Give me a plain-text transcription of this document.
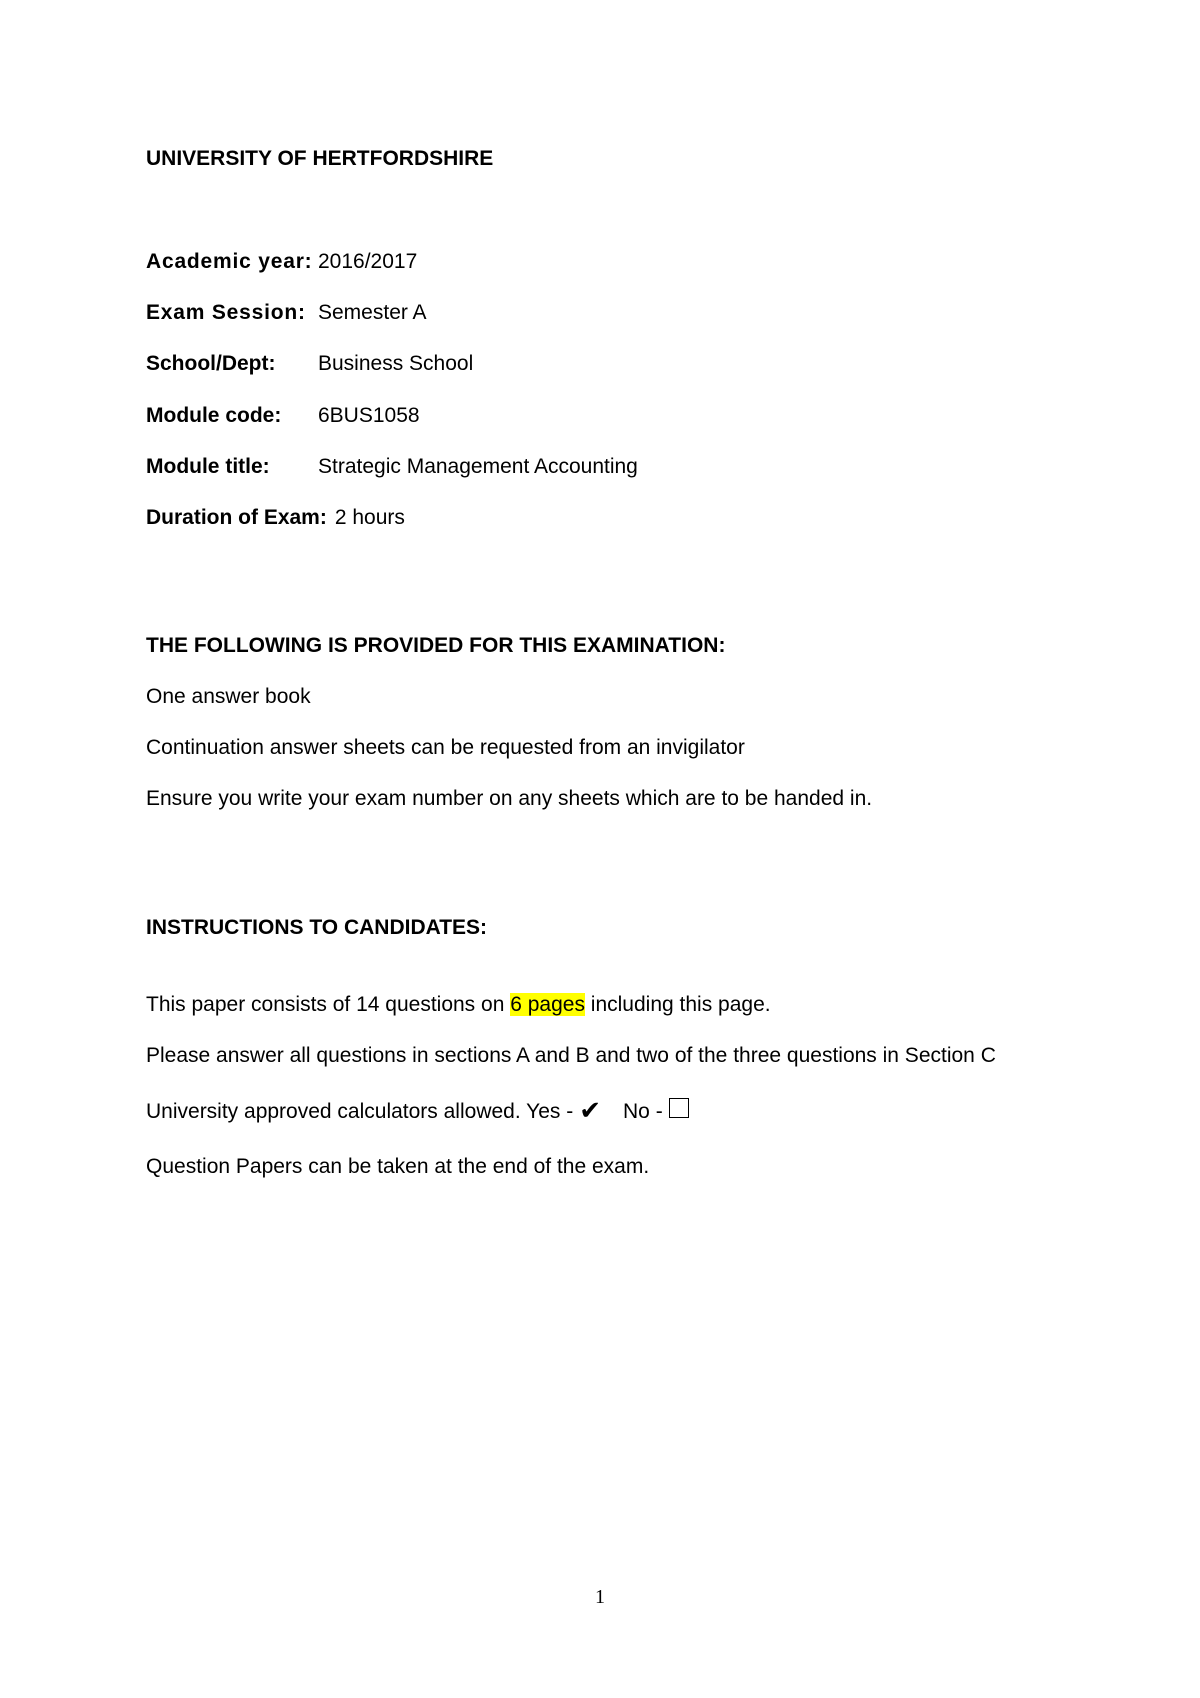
UNIVERSITY OF HERTFORDSHIRE
Academic year: 2016/2017
Exam Session: Semester A
School/Dept: Business School
Module code: 6BUS1058
Module title: Strategic Management Accounting
Duration of Exam: 2 hours
THE FOLLOWING IS PROVIDED FOR THIS EXAMINATION:
One answer book
Continuation answer sheets can be requested from an invigilator
Ensure you write your exam number on any sheets which are to be handed in.
INSTRUCTIONS TO CANDIDATES:
This paper consists of 14 questions on 6 pages including this page.
Please answer all questions in sections A and B and two of the three questions in Section C
University approved calculators allowed. Yes - ✔ No -
Question Papers can be taken at the end of the exam.
1
